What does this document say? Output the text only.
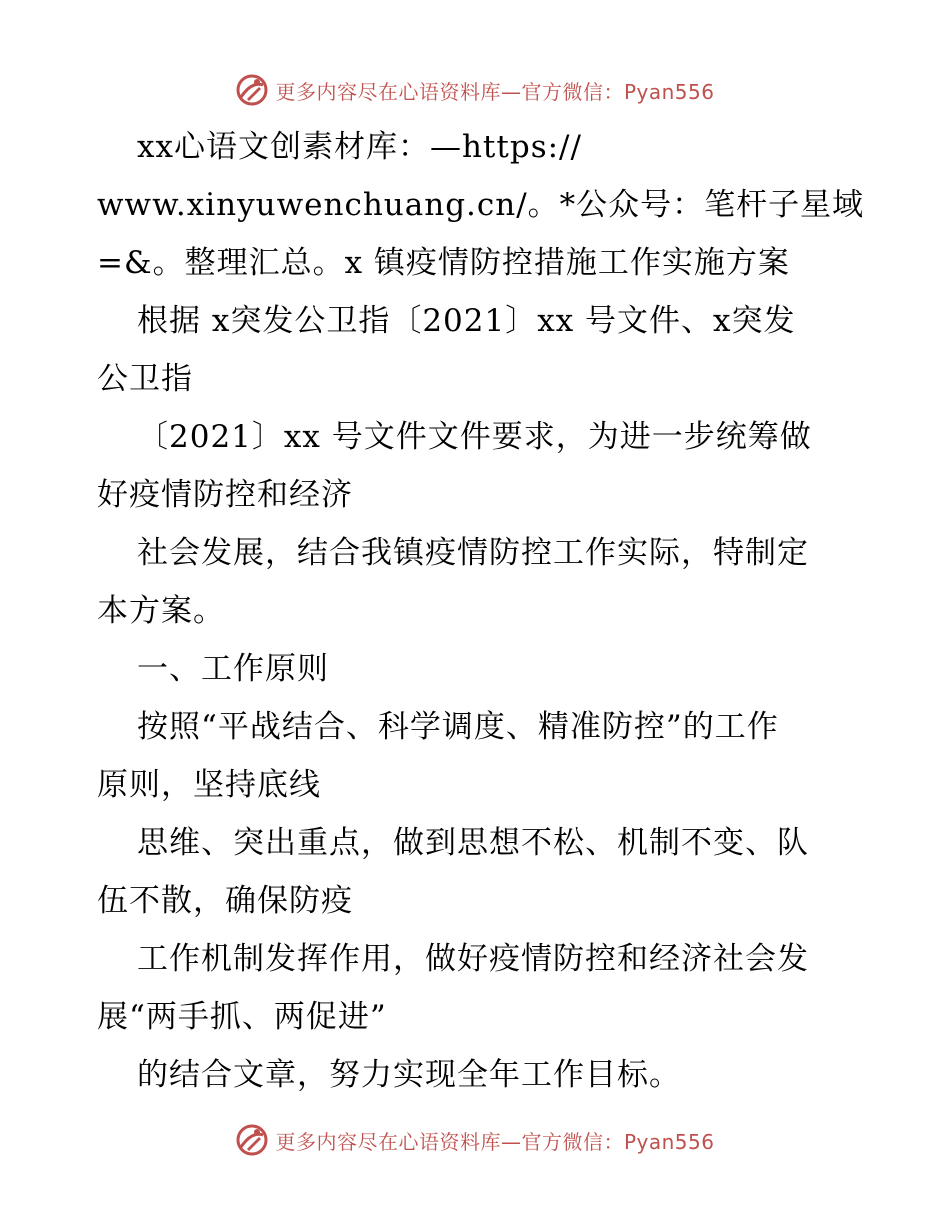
更多内容尽在心语资料库—官方微信：Pyan556
xx心语文创素材库：—https://
www.xinyuwenchuang.cn/。*公众号：笔杆子星域
=&。整理汇总。x 镇疫情防控措施工作实施方案
根据 x突发公卫指〔2021〕xx 号文件、x突发
公卫指
〔2021〕xx 号文件文件要求，为进一步统筹做
好疫情防控和经济
社会发展，结合我镇疫情防控工作实际，特制定
本方案。
一、工作原则
按照“平战结合、科学调度、精准防控”的工作
原则，坚持底线
思维、突出重点，做到思想不松、机制不变、队
伍不散，确保防疫
工作机制发挥作用，做好疫情防控和经济社会发
展“两手抓、两促进”
的结合文章，努力实现全年工作目标。
更多内容尽在心语资料库—官方微信：Pyan556
